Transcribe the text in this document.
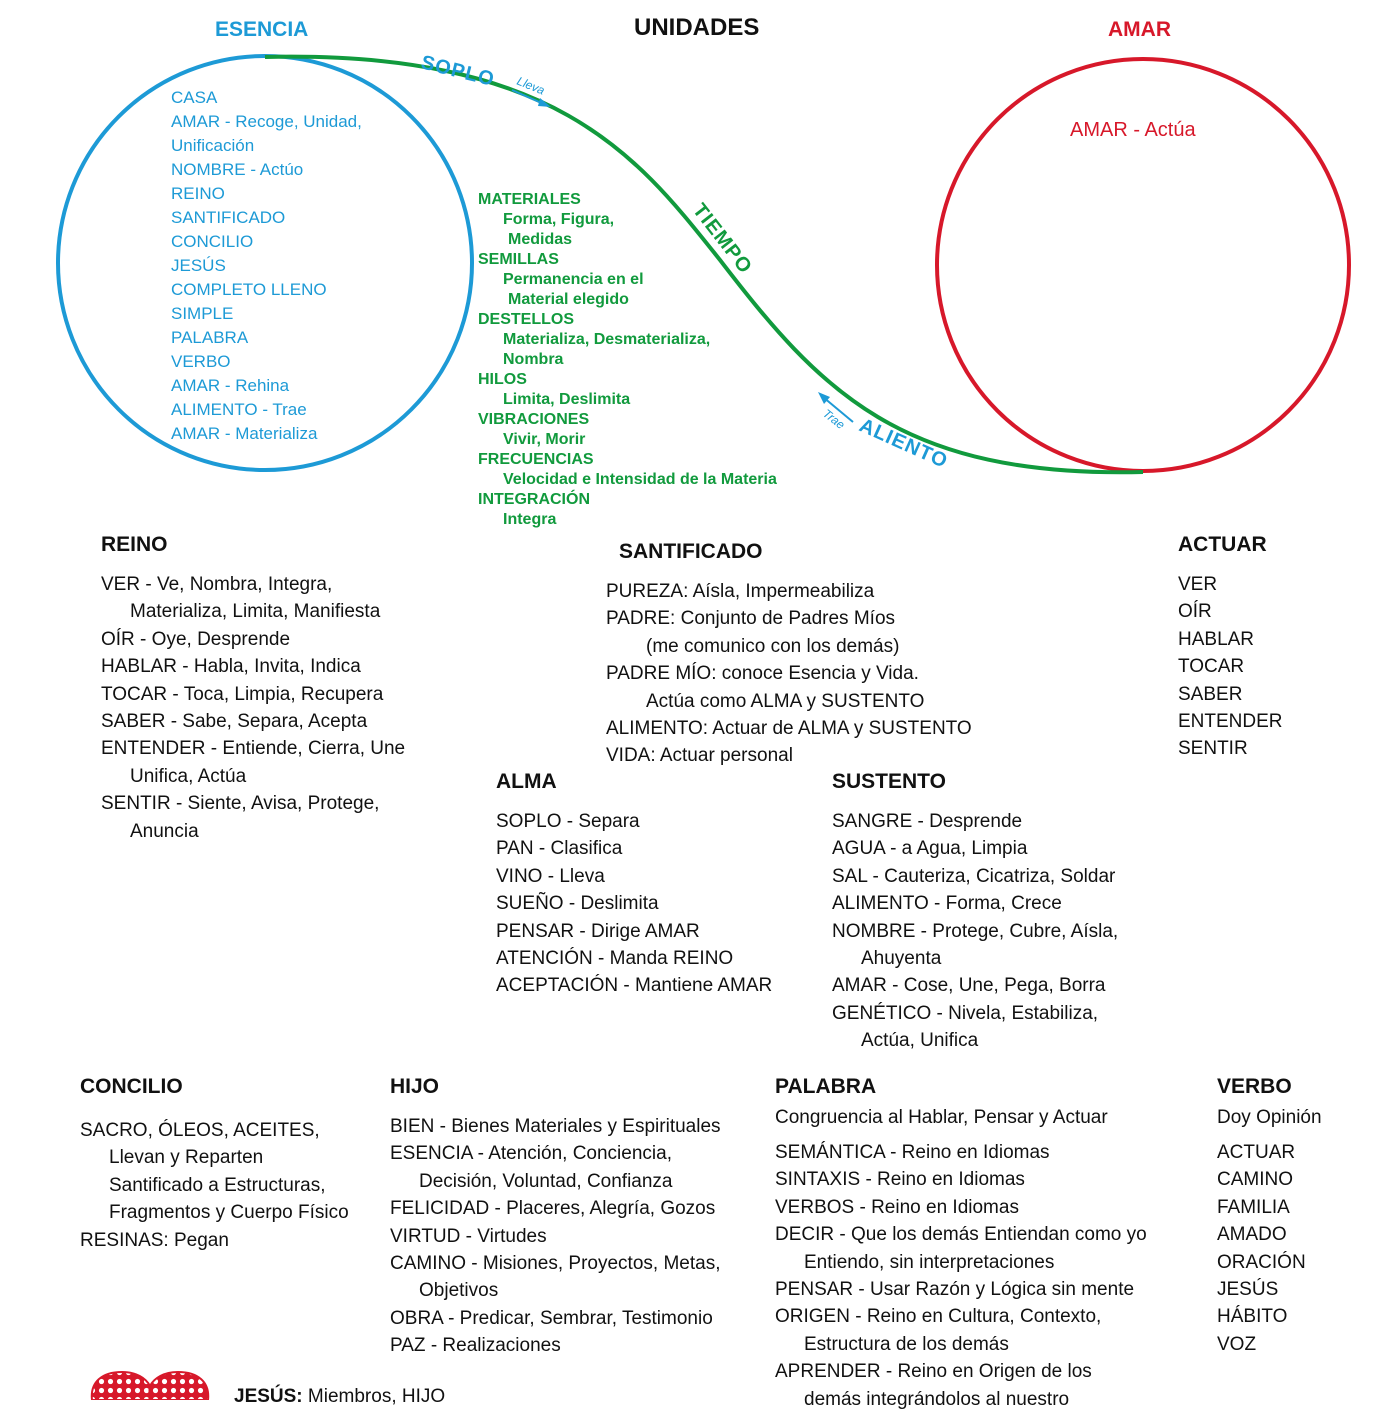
SOPLO Lleva
TIEMPO
Trae ALIENTO
ESENCIA	UNIDADES	AMAR
AMAR - Actúa
CASA
AMAR - Recoge, Unidad,
Unificación
NOMBRE - Actúo
REINO
SANTIFICADO
CONCILIO
JESÚS
COMPLETO LLENO
SIMPLE
PALABRA
VERBO
AMAR - Rehina
ALIMENTO - Trae
AMAR - Materializa
MATERIALES
Forma, Figura,
Medidas
SEMILLAS
Permanencia en el
Material elegido
DESTELLOS
Materializa, Desmaterializa,
Nombra
HILOS
Limita, Deslimita
VIBRACIONES
Vivir, Morir
FRECUENCIAS
Velocidad e Intensidad de la Materia
INTEGRACIÓN
Integra
REINO
VER - Ve, Nombra, Integra,
Materializa, Limita, Manifiesta
OÍR - Oye, Desprende
HABLAR - Habla, Invita, Indica
TOCAR - Toca, Limpia, Recupera
SABER - Sabe, Separa, Acepta
ENTENDER - Entiende, Cierra, Une
Unifica, Actúa
SENTIR - Siente, Avisa, Protege,
Anuncia
SANTIFICADO
PUREZA: Aísla, Impermeabiliza
PADRE: Conjunto de Padres Míos
(me comunico con los demás)
PADRE MÍO: conoce Esencia y Vida.
Actúa como ALMA y SUSTENTO
ALIMENTO: Actuar de ALMA y SUSTENTO
VIDA: Actuar personal
ACTUAR
VER
OÍR
HABLAR
TOCAR
SABER
ENTENDER
SENTIR
ALMA
SOPLO - Separa
PAN - Clasifica
VINO - Lleva
SUEÑO - Deslimita
PENSAR - Dirige AMAR
ATENCIÓN - Manda REINO
ACEPTACIÓN - Mantiene AMAR
SUSTENTO
SANGRE - Desprende
AGUA - a Agua, Limpia
SAL - Cauteriza, Cicatriza, Soldar
ALIMENTO - Forma, Crece
NOMBRE - Protege, Cubre, Aísla,
Ahuyenta
AMAR - Cose, Une, Pega, Borra
GENÉTICO - Nivela, Estabiliza,
Actúa, Unifica
CONCILIO
SACRO, ÓLEOS, ACEITES,
Llevan y Reparten
Santificado a Estructuras,
Fragmentos y Cuerpo Físico
RESINAS: Pegan
HIJO
BIEN - Bienes Materiales y Espirituales
ESENCIA - Atención, Conciencia,
Decisión, Voluntad, Confianza
FELICIDAD - Placeres, Alegría, Gozos
VIRTUD - Virtudes
CAMINO - Misiones, Proyectos, Metas,
Objetivos
OBRA - Predicar, Sembrar, Testimonio
PAZ - Realizaciones
PALABRA
Congruencia al Hablar, Pensar y Actuar
SEMÁNTICA - Reino en Idiomas
SINTAXIS - Reino en Idiomas
VERBOS - Reino en Idiomas
DECIR - Que los demás Entiendan como yo
Entiendo, sin interpretaciones
PENSAR - Usar Razón y Lógica sin mente
ORIGEN - Reino en Cultura, Contexto,
Estructura de los demás
APRENDER - Reino en Origen de los
demás integrándolos al nuestro
VERBO
Doy Opinión
ACTUAR
CAMINO
FAMILIA
AMADO
ORACIÓN
JESÚS
HÁBITO
VOZ
JESÚS: Miembros, HIJO
